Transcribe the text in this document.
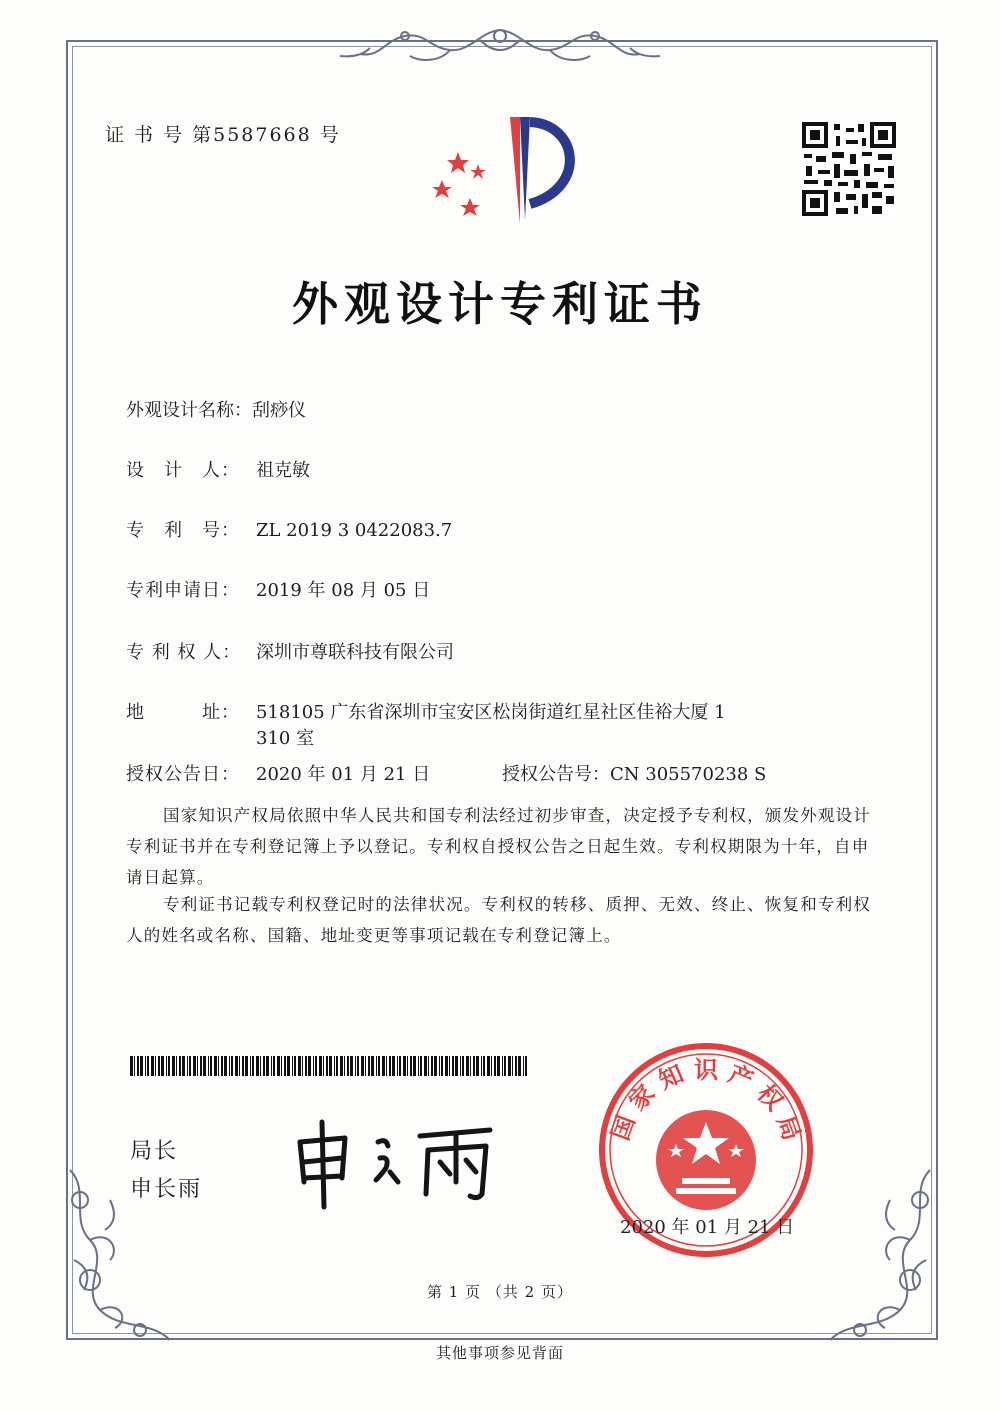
证 书 号 第5587668 号
外观设计专利证书
外观设计名称：刮痧仪
设　计　人： 祖克敏
专　利　号： ZL 2019 3 0422083.7
专利申请日： 2019 年 08 月 05 日
专 利 权 人： 深圳市尊联科技有限公司
地　　　址： 518105 广东省深圳市宝安区松岗街道红星社区佳裕大厦 1
310 室
授权公告日： 2020 年 01 月 21 日	授权公告号：CN 305570238 S
国家知识产权局依照中华人民共和国专利法经过初步审查，决定授予专利权，颁发外观设计专利证书并在专利登记簿上予以登记。专利权自授权公告之日起生效。专利权期限为十年，自申请日起算。
专利证书记载专利权登记时的法律状况。专利权的转移、质押、无效、终止、恢复和专利权人的姓名或名称、国籍、地址变更等事项记载在专利登记簿上。
局长
申长雨
国
家
知 识 产
权
局
2020 年 01 月 21 日
第 1 页 （共 2 页）
其他事项参见背面
